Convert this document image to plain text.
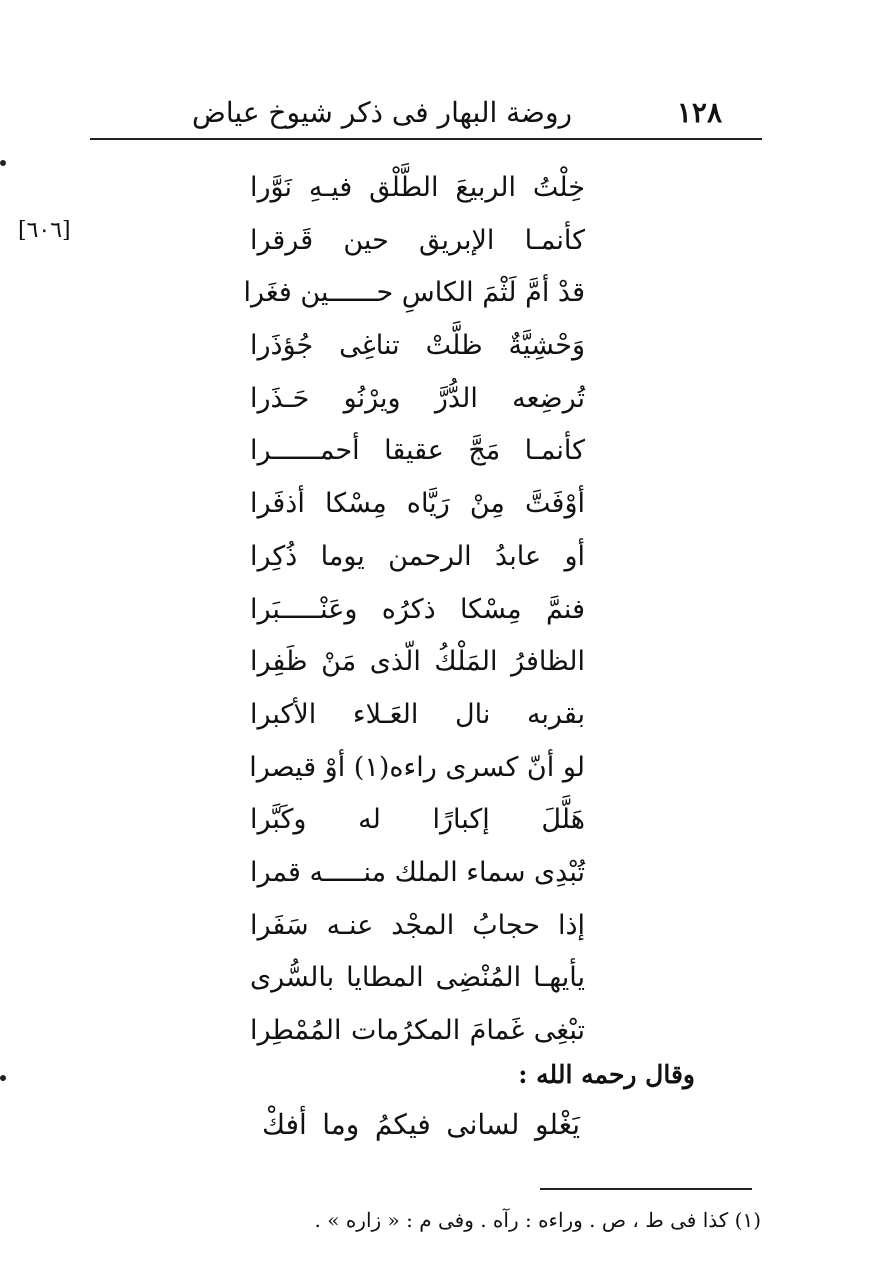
١٢٨
روضة البهار فى ذكر شيوخ عياض
[٦٠٦]
خِلْتُ الربيعَ الطَّلْق فيـهِ نَوَّرا
كأنمـا الإبريق حين قَرقرا
قدْ أمَّ لَثْمَ الكاسِ حــــــين فغَرا
وَحْشِيَّةٌ ظلَّتْ تناغِى جُؤذَرا
تُرضِعه الدُّرَّ ويرْنُو حَـذَرا
كأنمـا مَجَّ عقيقا أحمــــــرا
أوْفَتَّ مِنْ رَيَّاه مِسْكا أذفَرا
أو عابدُ الرحمن يوما ذُكِرا
فنمَّ مِسْكا ذكرُه وعَنْـــــبَرا
الظافرُ المَلْكُ الّذى مَنْ ظَفِرا
بقربه نال العَـلاء الأكبرا
لو أنّ كسرى راءه(١) أوْ قيصرا
هَلَّلَ إكبارًا له وكَبَّرا
تُبْدِى سماء الملك منـــــه قمرا
إذا حجابُ المجْد عنـه سَفَرا
يأيهـا المُنْضِى المطايا بالسُّرى
تبْغِى غَمامَ المكرُمات المُمْطِرا
وقال رحمه الله :
يَغْلو لسانى فيكمُ وما أفكْ
(١) كذا فى ط ، ص . وراءه : رآه . وفى م : « زاره » .
